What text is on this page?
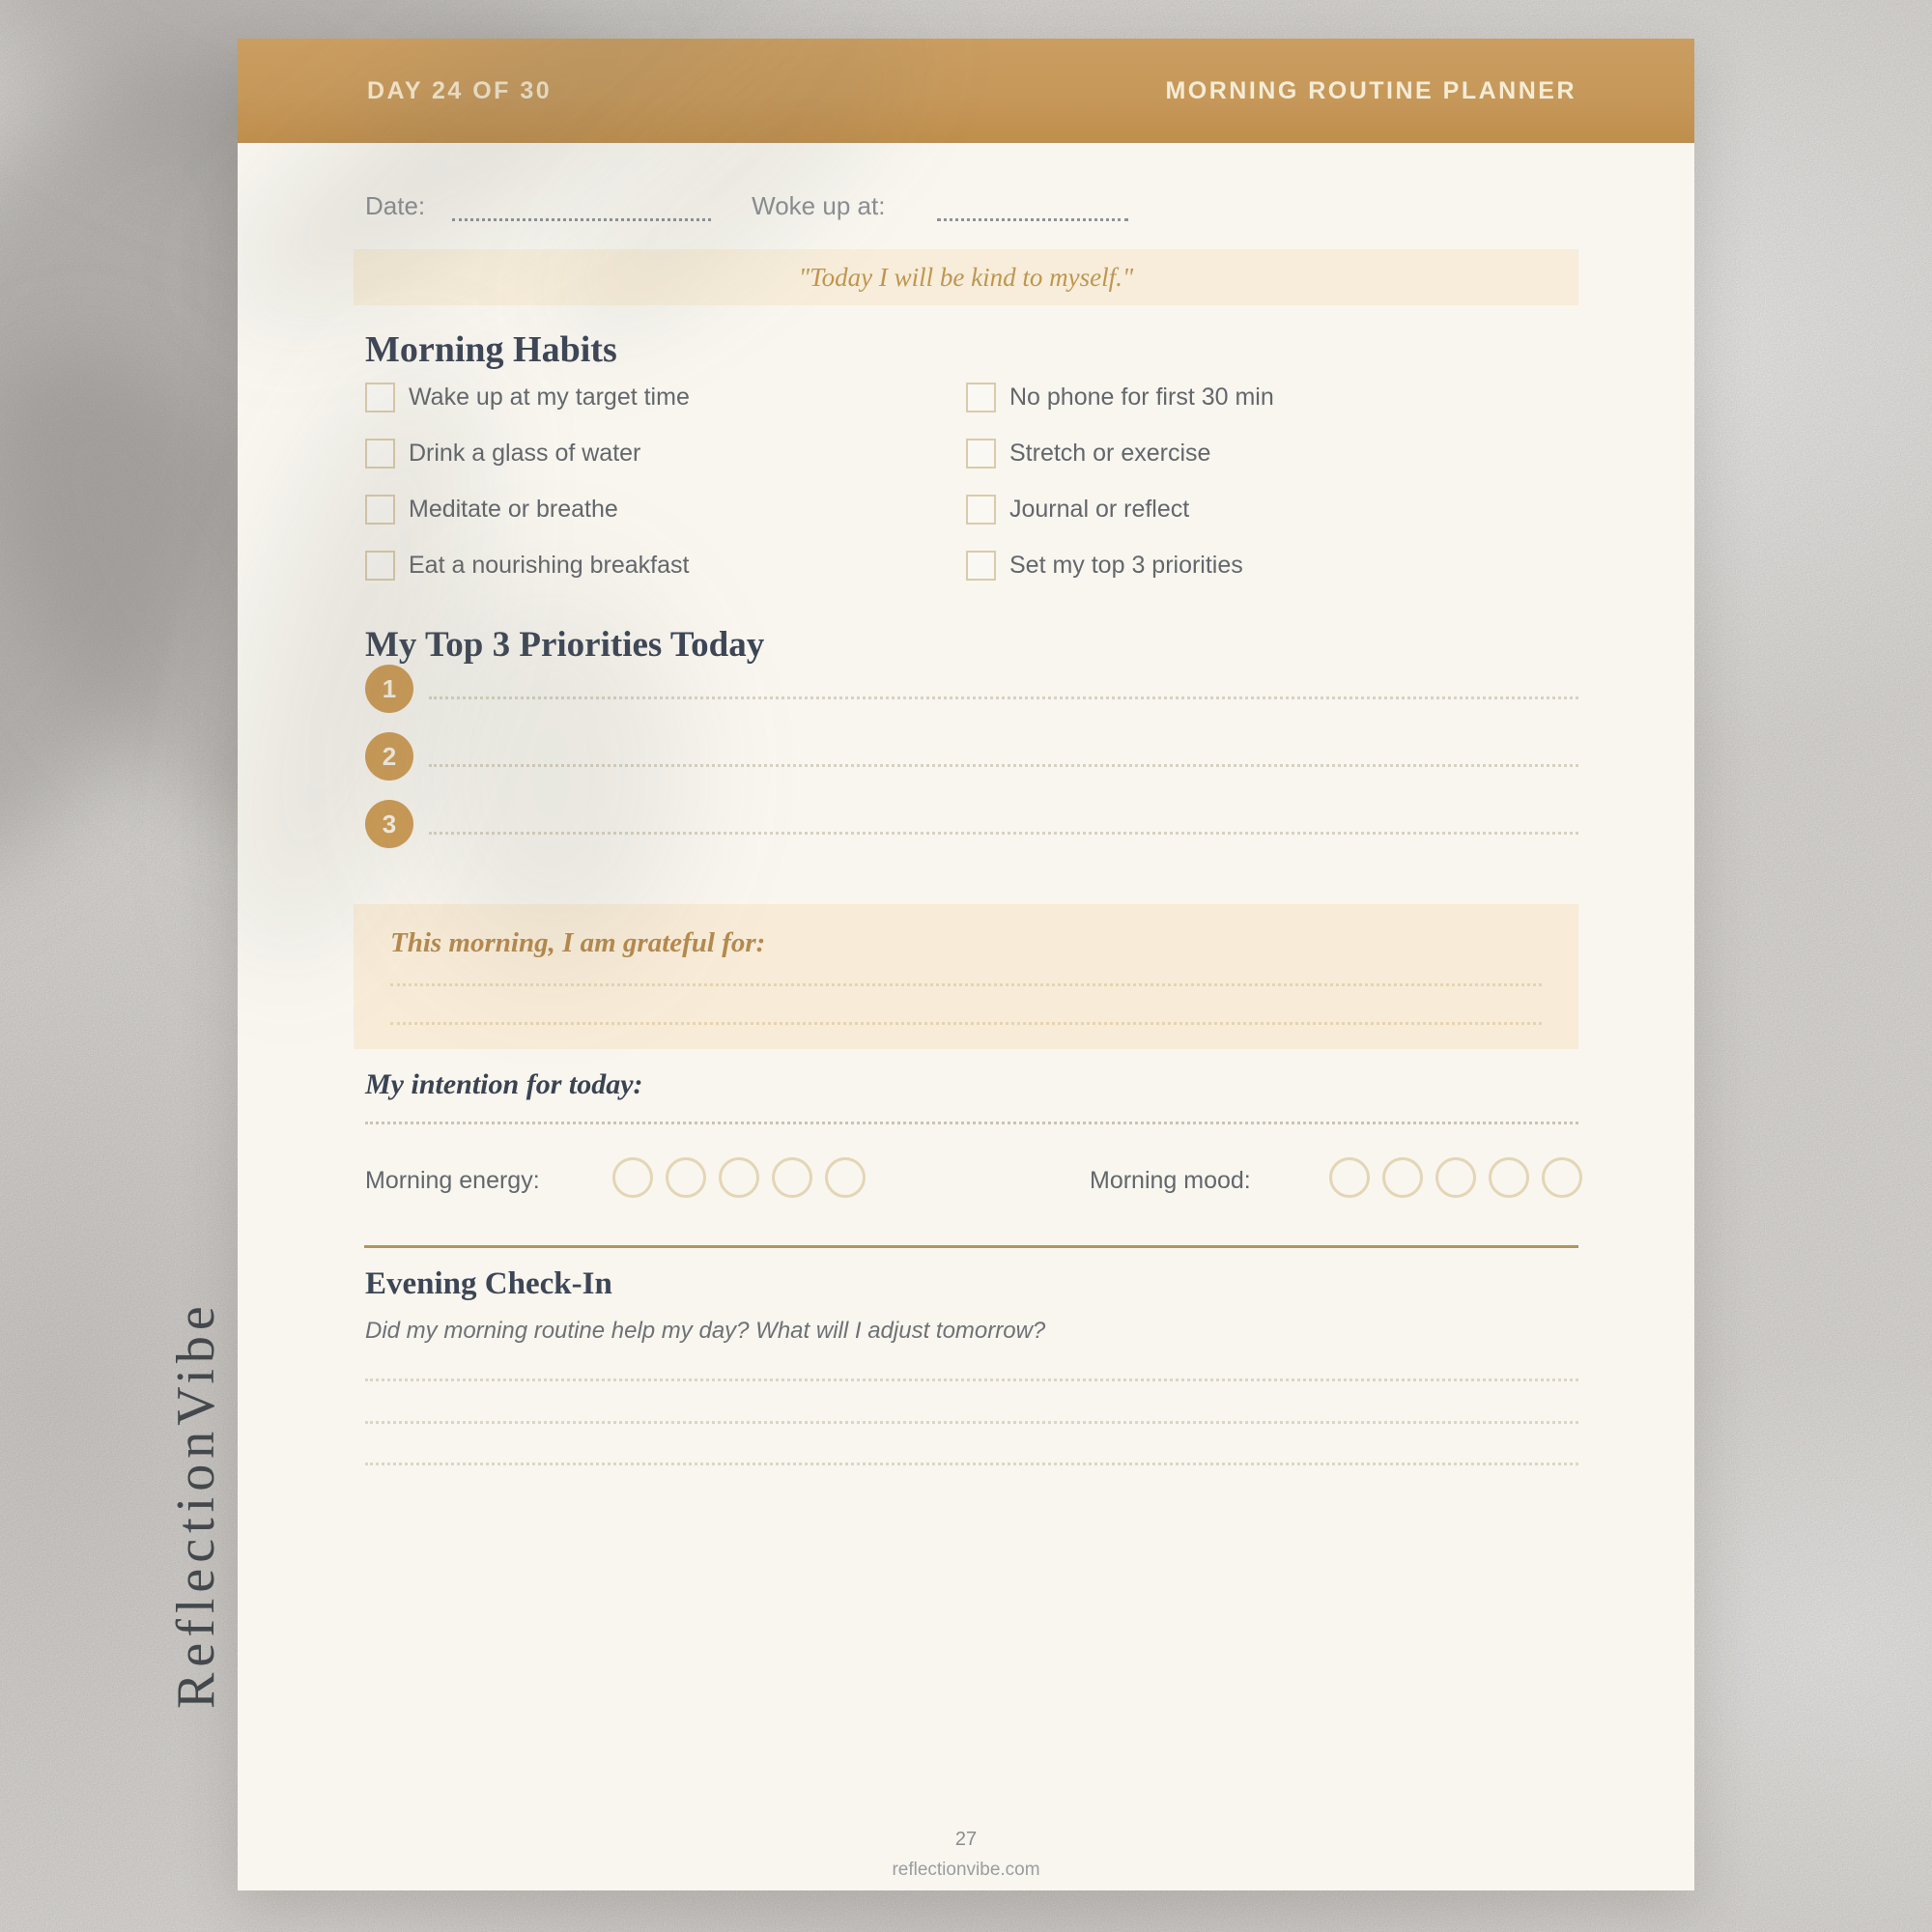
DAY 24 OF 30	MORNING ROUTINE PLANNER
Date:	Woke up at:
"Today I will be kind to myself."
Morning Habits
Wake up at my target time
Drink a glass of water
Meditate or breathe
Eat a nourishing breakfast
No phone for first 30 min
Stretch or exercise
Journal or reflect
Set my top 3 priorities
My Top 3 Priorities Today
1
2
3
This morning, I am grateful for:
My intention for today:
Morning energy:	Morning mood:
Evening Check-In
Did my morning routine help my day? What will I adjust tomorrow?
27
reflectionvibe.com
ReflectionVibe
